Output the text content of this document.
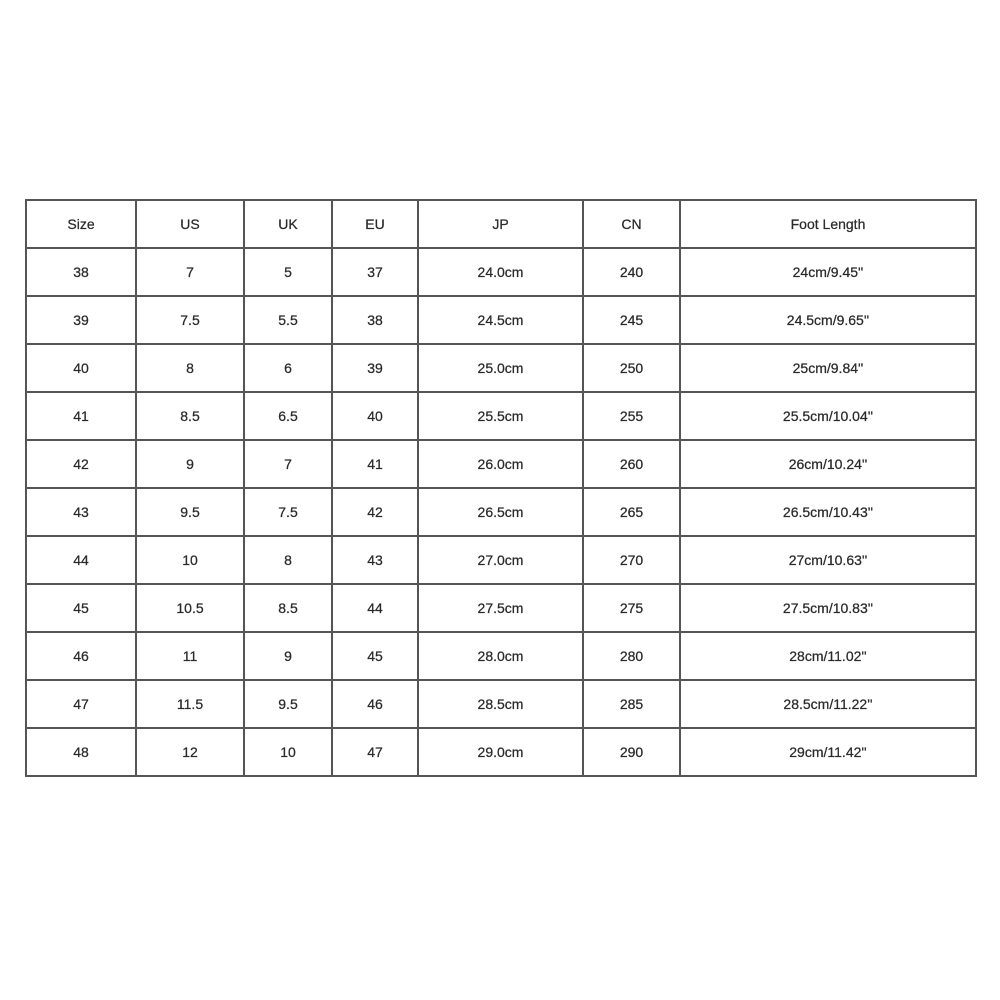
Size	US	UK	EU	JP	CN	Foot Length
38	7	5	37	24.0cm	240	24cm/9.45''
39	7.5	5.5	38	24.5cm	245	24.5cm/9.65''
40	8	6	39	25.0cm	250	25cm/9.84''
41	8.5	6.5	40	25.5cm	255	25.5cm/10.04''
42	9	7	41	26.0cm	260	26cm/10.24''
43	9.5	7.5	42	26.5cm	265	26.5cm/10.43''
44	10	8	43	27.0cm	270	27cm/10.63''
45	10.5	8.5	44	27.5cm	275	27.5cm/10.83''
46	11	9	45	28.0cm	280	28cm/11.02''
47	11.5	9.5	46	28.5cm	285	28.5cm/11.22''
48	12	10	47	29.0cm	290	29cm/11.42''
